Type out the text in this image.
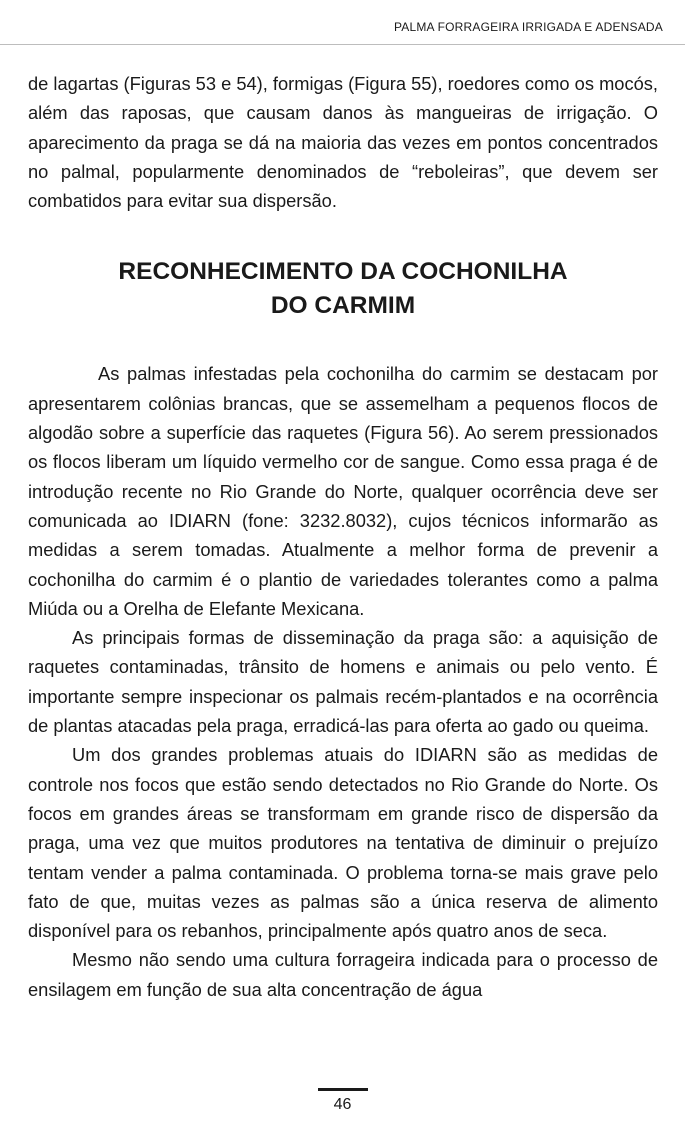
PALMA FORRAGEIRA IRRIGADA E ADENSADA

de lagartas (Figuras 53 e 54), formigas (Figura 55), roedores como os mocós, além das raposas, que causam danos às mangueiras de irrigação. O aparecimento da praga se dá na maioria das vezes em pontos concentrados no palmal, popularmente denominados de “reboleiras”, que devem ser combatidos para evitar sua dispersão.

RECONHECIMENTO DA COCHONILHA
DO CARMIM

As palmas infestadas pela cochonilha do carmim se destacam por apresentarem colônias brancas, que se assemelham a pequenos flocos de algodão sobre a superfície das raquetes (Figura 56). Ao serem pressionados os flocos liberam um líquido vermelho cor de sangue. Como essa praga é de introdução recente no Rio Grande do Norte, qualquer ocorrência deve ser comunicada ao IDIARN (fone: 3232.8032), cujos técnicos informarão as medidas a serem tomadas. Atualmente a melhor forma de prevenir a cochonilha do carmim é o plantio de variedades tolerantes como a palma Miúda ou a Orelha de Elefante Mexicana.

As principais formas de disseminação da praga são: a aquisição de raquetes contaminadas, trânsito de homens e animais ou pelo vento. É importante sempre inspecionar os palmais recém-plantados e na ocorrência de plantas atacadas pela praga, erradicá-las para oferta ao gado ou queima.

Um dos grandes problemas atuais do IDIARN são as medidas de controle nos focos que estão sendo detectados no Rio Grande do Norte. Os focos em grandes áreas se transformam em grande risco de dispersão da praga, uma vez que muitos produtores na tentativa de diminuir o prejuízo tentam vender a palma contaminada. O problema torna-se mais grave pelo fato de que, muitas vezes as palmas são a única reserva de alimento disponível para os rebanhos, principalmente após quatro anos de seca.

Mesmo não sendo uma cultura forrageira indicada para o processo de ensilagem em função de sua alta concentração de água

46
